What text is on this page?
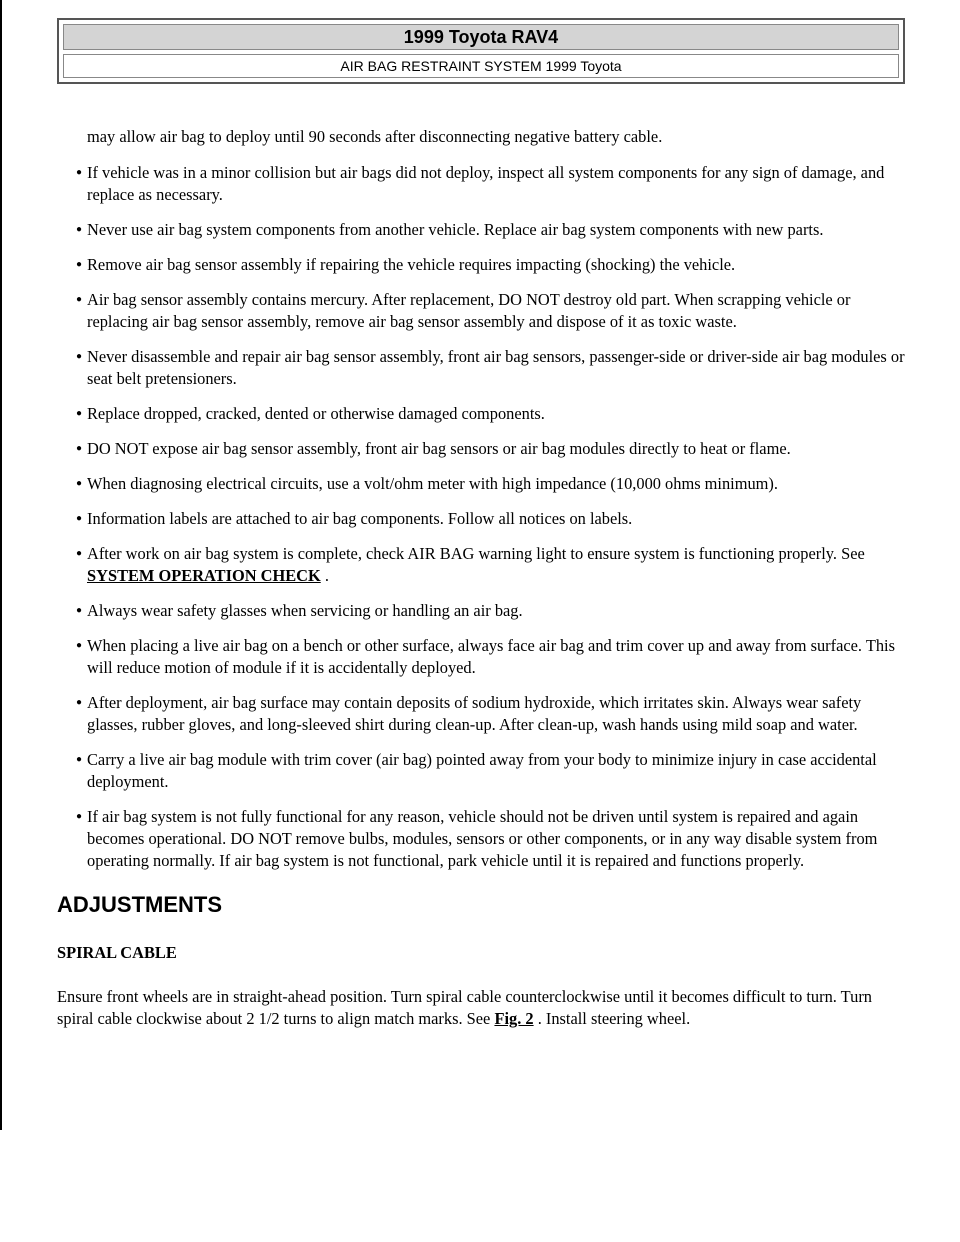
1999 Toyota RAV4
AIR BAG RESTRAINT SYSTEM 1999 Toyota

may allow air bag to deploy until 90 seconds after disconnecting negative battery cable.

● If vehicle was in a minor collision but air bags did not deploy, inspect all system components for any sign of damage, and replace as necessary.
● Never use air bag system components from another vehicle. Replace air bag system components with new parts.
● Remove air bag sensor assembly if repairing the vehicle requires impacting (shocking) the vehicle.
● Air bag sensor assembly contains mercury. After replacement, DO NOT destroy old part. When scrapping vehicle or replacing air bag sensor assembly, remove air bag sensor assembly and dispose of it as toxic waste.
● Never disassemble and repair air bag sensor assembly, front air bag sensors, passenger-side or driver-side air bag modules or seat belt pretensioners.
● Replace dropped, cracked, dented or otherwise damaged components.
● DO NOT expose air bag sensor assembly, front air bag sensors or air bag modules directly to heat or flame.
● When diagnosing electrical circuits, use a volt/ohm meter with high impedance (10,000 ohms minimum).
● Information labels are attached to air bag components. Follow all notices on labels.
● After work on air bag system is complete, check AIR BAG warning light to ensure system is functioning properly. See SYSTEM OPERATION CHECK .
● Always wear safety glasses when servicing or handling an air bag.
● When placing a live air bag on a bench or other surface, always face air bag and trim cover up and away from surface. This will reduce motion of module if it is accidentally deployed.
● After deployment, air bag surface may contain deposits of sodium hydroxide, which irritates skin. Always wear safety glasses, rubber gloves, and long-sleeved shirt during clean-up. After clean-up, wash hands using mild soap and water.
● Carry a live air bag module with trim cover (air bag) pointed away from your body to minimize injury in case accidental deployment.
● If air bag system is not fully functional for any reason, vehicle should not be driven until system is repaired and again becomes operational. DO NOT remove bulbs, modules, sensors or other components, or in any way disable system from operating normally. If air bag system is not functional, park vehicle until it is repaired and functions properly.
ADJUSTMENTS
SPIRAL CABLE

Ensure front wheels are in straight-ahead position. Turn spiral cable counterclockwise until it becomes difficult to turn. Turn spiral cable clockwise about 2 1/2 turns to align match marks. See Fig. 2 . Install steering wheel.
